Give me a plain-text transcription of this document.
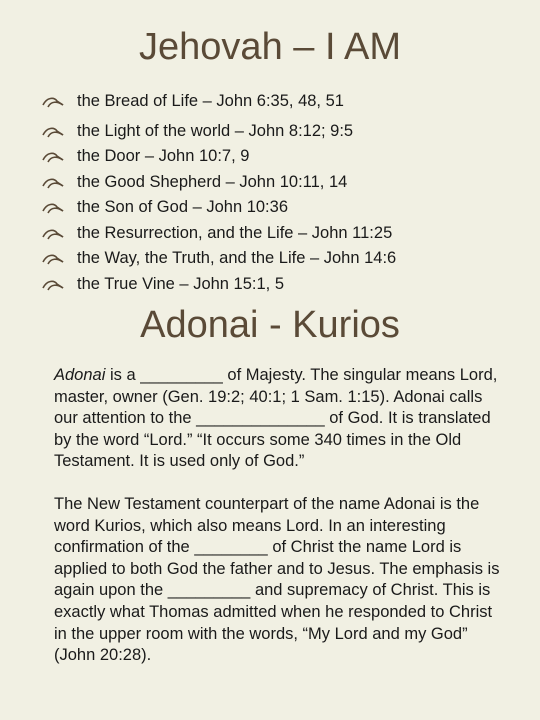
Jehovah – I AM
the Bread of Life – John 6:35, 48, 51
the Light of the world – John 8:12; 9:5
the Door – John 10:7, 9
the Good Shepherd – John 10:11, 14
the Son of God – John 10:36
the Resurrection, and the Life – John 11:25
the Way, the Truth, and the Life – John 14:6
the True Vine – John 15:1, 5
Adonai - Kurios
Adonai is a _________ of Majesty. The singular means Lord, master, owner (Gen. 19:2; 40:1; 1 Sam. 1:15). Adonai calls our attention to the ______________ of God. It is translated by the word “Lord.” “It occurs some 340 times in the Old Testament. It is used only of God.”
The New Testament counterpart of the name Adonai is the word Kurios, which also means Lord. In an interesting confirmation of the ________ of Christ the name Lord is applied to both God the father and to Jesus. The emphasis is again upon the _________ and supremacy of Christ. This is exactly what Thomas admitted when he responded to Christ in the upper room with the words, “My Lord and my God” (John 20:28).
